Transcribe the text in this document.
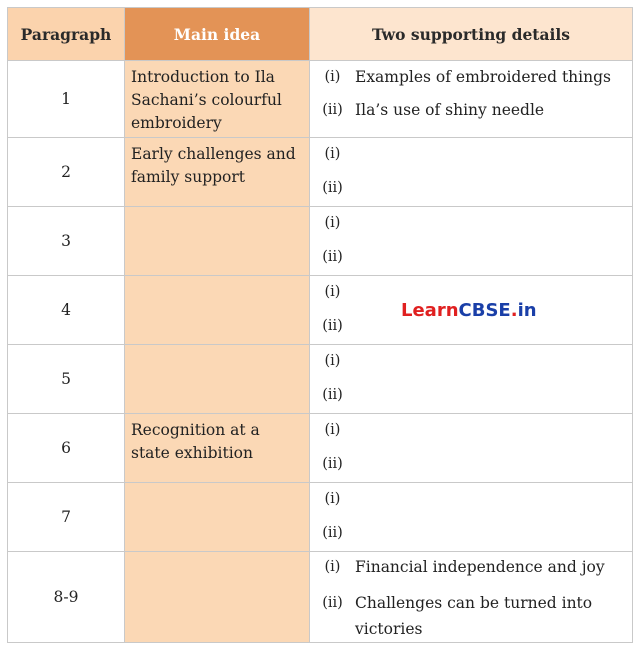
Paragraph	Main idea	Two supporting details
1	Introduction to Ila Sachani’s colourful embroidery	(i) Examples of embroidered things
(ii) Ila’s use of shiny needle

2	Early challenges and family support	(i)
(ii)

3		(i)
(ii)

4		(i)
(ii)

5		(i)
(ii)

6	Recognition at a state exhibition	(i)
(ii)

7		(i)
(ii)

8-9		(i) Financial independence and joy
(ii) Challenges can be turned into victories
LearnCBSE.in
